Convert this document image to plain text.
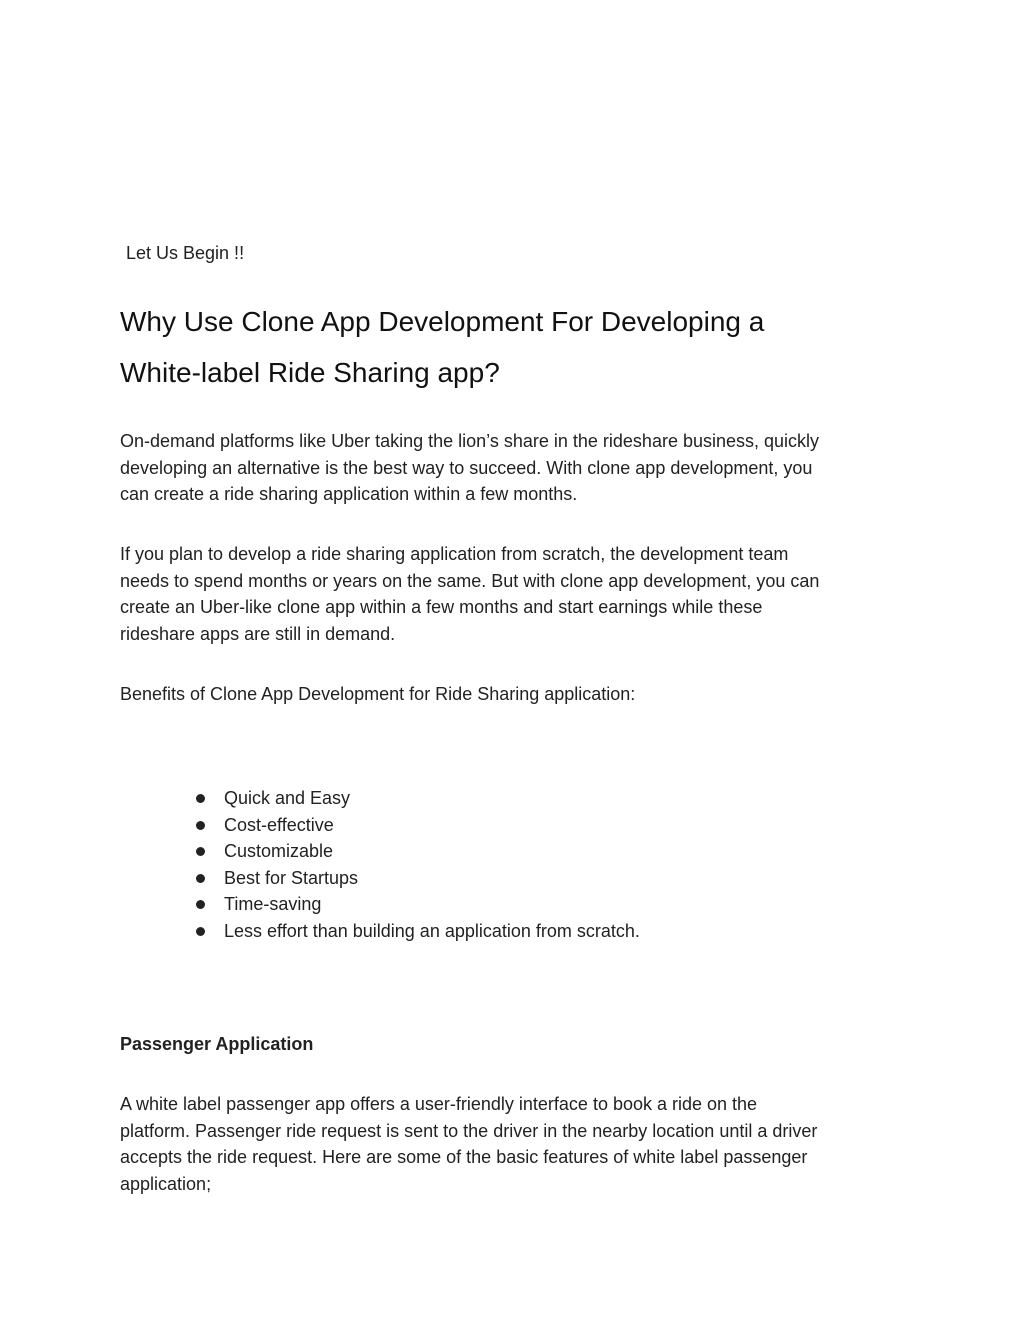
Let Us Begin !!

Why Use Clone App Development For Developing a
White-label Ride Sharing app?

On-demand platforms like Uber taking the lion’s share in the rideshare business, quickly
developing an alternative is the best way to succeed. With clone app development, you
can create a ride sharing application within a few months.

If you plan to develop a ride sharing application from scratch, the development team
needs to spend months or years on the same. But with clone app development, you can
create an Uber-like clone app within a few months and start earnings while these
rideshare apps are still in demand.

Benefits of Clone App Development for Ride Sharing application:

Quick and Easy
Cost-effective
Customizable
Best for Startups
Time-saving
Less effort than building an application from scratch.
Passenger Application

A white label passenger app offers a user-friendly interface to book a ride on the
platform. Passenger ride request is sent to the driver in the nearby location until a driver
accepts the ride request. Here are some of the basic features of white label passenger
application;
